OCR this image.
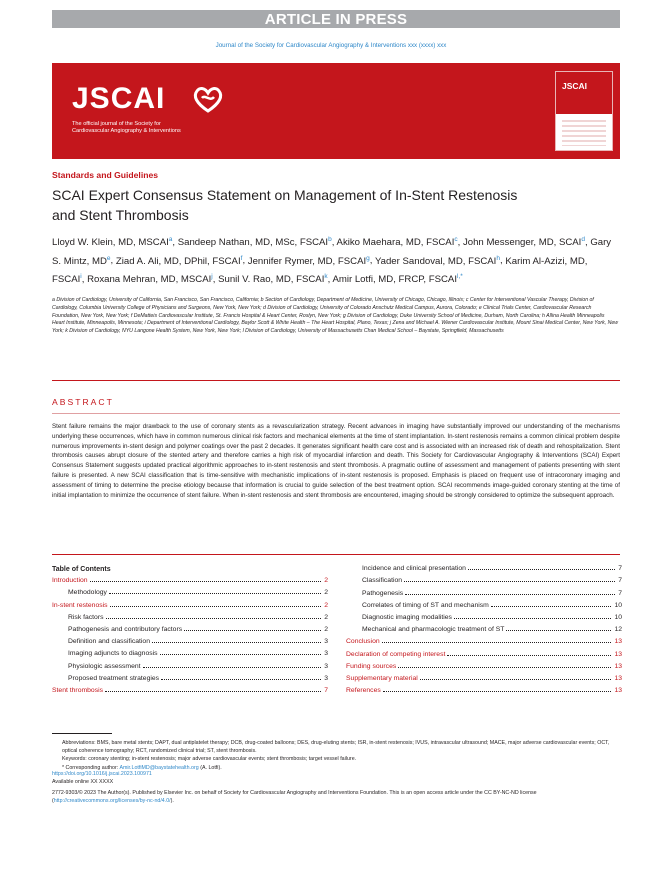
ARTICLE IN PRESS
Journal of the Society for Cardiovascular Angiography & Interventions xxx (xxxx) xxx
JSCAI
The official journal of the Society for
Cardiovascular Angiography & Interventions
JSCAI
Standards and Guidelines
SCAI Expert Consensus Statement on Management of In-Stent Restenosis
and Stent Thrombosis
Lloyd W. Klein, MD, MSCAI$^a$, Sandeep Nathan, MD, MSc, FSCAI$^b$, Akiko Maehara, MD, FSCAI$^c$, John Messenger, MD, SCAI$^d$, Gary S. Mintz, MDe, Ziad A. Ali, MD, DPhil, FSCAI$^f$, Jennifer Rymer, MD, FSCAI$^g$, Yader Sandoval, MD, FSCAI$^h$, Karim Al-Azizi, MD, FSCAI$^i$, Roxana Mehran, MD, MSCAI$^j$, Sunil V. Rao, MD, FSCAI$^k$, Amir Lotfi, MD, FRCP, $FSCAI^{l,*}$
a Division of Cardiology, University of California, San Francisco, San Francisco, California; b Section of Cardiology, Department of Medicine, University of Chicago, Chicago, Illinois; c Center for Interventional Vascular Therapy, Division of Cardiology, Columbia University College of Physicians and Surgeons, New York, New York; d Division of Cardiology, University of Colorado Anschutz Medical Campus, Aurora, Colorado; e Clinical Trials Center, Cardiovascular Research Foundation, New York, New York; f DeMatteis Cardiovascular Institute, St. Francis Hospital & Heart Center, Roslyn, New York; g Division of Cardiology, Duke University School of Medicine, Durham, North Carolina; h Allina Health Minneapolis Heart Institute, Minneapolis, Minnesota; i Department of Interventional Cardiology, Baylor Scott & White Health – The Heart Hospital, Plano, Texas; j Zena and Michael A. Wiener Cardiovascular Institute, Mount Sinai Medical Center, New York, New York; k Division of Cardiology, NYU Langone Health System, New York, New York; l Division of Cardiology, University of Massachusetts Chan Medical School – Baystate, Springfield, Massachusetts
ABSTRACT
Stent failure remains the major drawback to the use of coronary stents as a revascularization strategy. Recent advances in imaging have substantially improved our understanding of the mechanisms underlying these occurrences, which have in common numerous clinical risk factors and mechanical elements at the time of stent implantation. In-stent restenosis remains a common clinical problem despite numerous improvements in-stent design and polymer coatings over the past 2 decades. It generates significant health care cost and is associated with an increased risk of death and rehospitalization. Stent thrombosis causes abrupt closure of the stented artery and therefore carries a high risk of myocardial infarction and death. This Society for Cardiovascular Angiography & Interventions (SCAI) Expert Consensus Statement suggests updated practical algorithmic approaches to in-stent restenosis and stent thrombosis. A pragmatic outline of assessment and management of patients presenting with stent failure is presented. A new SCAI classification that is time-sensitive with mechanistic implications of in-stent restenosis is proposed. Emphasis is placed on frequent use of intracoronary imaging and assessment of timing to determine the precise etiology because that information is crucial to guide selection of the best treatment option. SCAI recommends image-guided coronary stenting at the time of initial implantation to minimize the occurrence of stent failure. When in-stent restenosis and stent thrombosis are encountered, imaging should be strongly considered to optimize the subsequent approach.
Table of Contents
Introduction	2
Methodology	2
In-stent restenosis	2
Risk factors	2
Pathogenesis and contributory factors	2
Definition and classification	3
Imaging adjuncts to diagnosis	3
Physiologic assessment	3
Proposed treatment strategies	3
Stent thrombosis	7
Incidence and clinical presentation	7
Classification	7
Pathogenesis	7
Correlates of timing of ST and mechanism	10
Diagnostic imaging modalities	10
Mechanical and pharmacologic treatment of ST	12
Conclusion	13
Declaration of competing interest	13
Funding sources	13
Supplementary material	13
References	13
Abbreviations: BMS, bare metal stents; DAPT, dual antiplatelet therapy; DCB, drug-coated balloons; DES, drug-eluting stents; ISR, in-stent restenosis; IVUS, intravascular ultrasound; MACE, major adverse cardiovascular events; OCT, optical coherence tomography; RCT, randomized clinical trial; ST, stent thrombosis.
Keywords: coronary stenting; in-stent restenosis; major adverse cardiovascular events; stent thrombosis; target vessel failure.
* Corresponding author: Amir.LotfiMD@baystatehealth.org (A. Lotfi).
https://doi.org/10.1016/j.jscai.2023.100971
Available online XX XXXX
2772-9303/© 2023 The Author(s). Published by Elsevier Inc. on behalf of Society for Cardiovascular Angiography and Interventions Foundation. This is an open access article under the CC BY-NC-ND license (http://creativecommons.org/licenses/by-nc-nd/4.0/).
